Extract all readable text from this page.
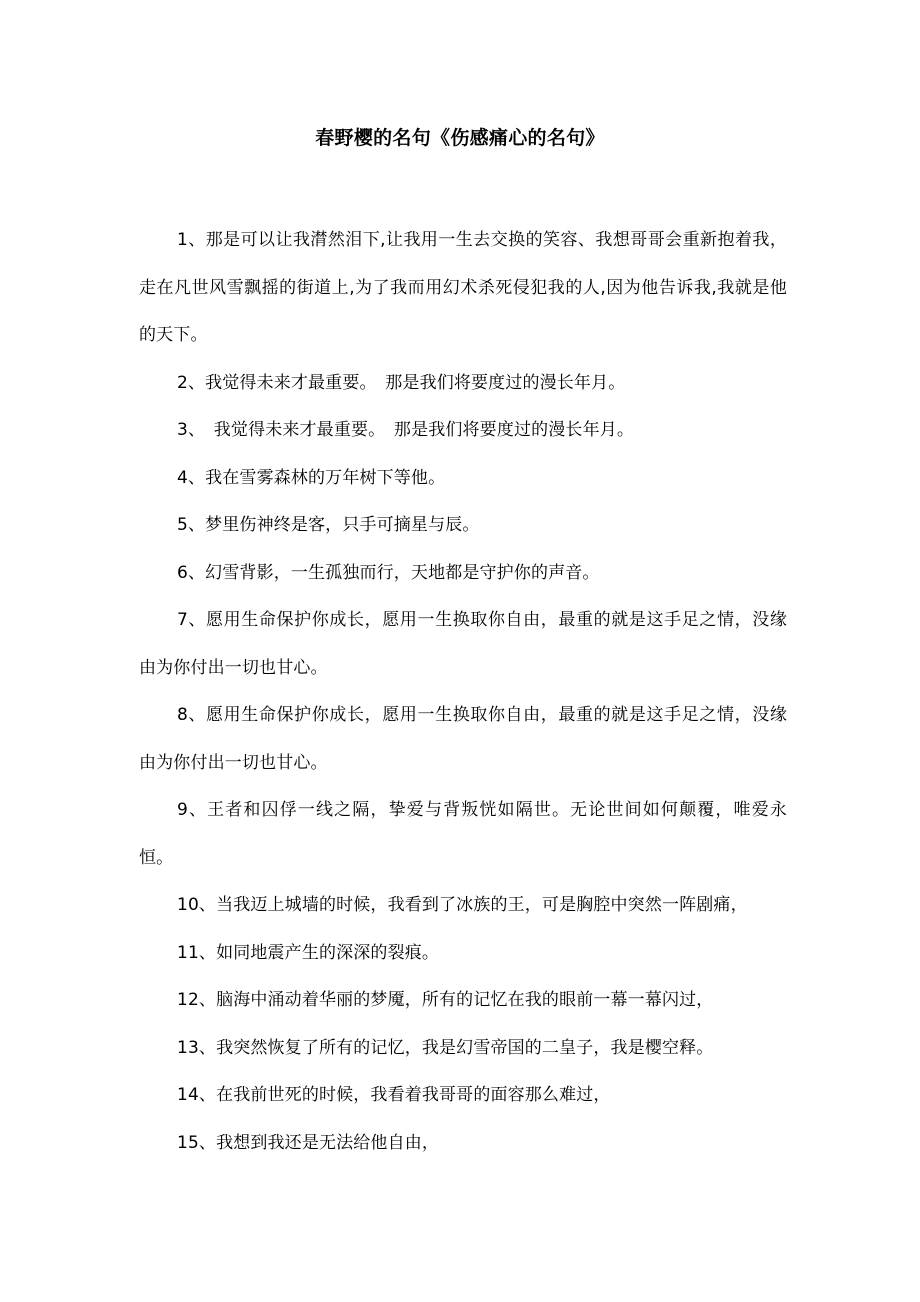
春野樱的名句《伤感痛心的名句》

1、那是可以让我潸然泪下,让我用一生去交换的笑容、我想哥哥会重新抱着我，走在凡世风雪飘摇的街道上,为了我而用幻术杀死侵犯我的人,因为他告诉我,我就是他的天下。

2、我觉得未来才最重要。　那是我们将要度过的漫长年月。

3、　我觉得未来才最重要。　那是我们将要度过的漫长年月。

4、我在雪雾森林的万年树下等他。

5、梦里伤神终是客，只手可摘星与辰。

6、幻雪背影，一生孤独而行，天地都是守护你的声音。

7、愿用生命保护你成长，愿用一生换取你自由，最重的就是这手足之情，没缘由为你付出一切也甘心。

8、愿用生命保护你成长，愿用一生换取你自由，最重的就是这手足之情，没缘由为你付出一切也甘心。

9、王者和囚俘一线之隔，挚爱与背叛恍如隔世。无论世间如何颠覆，唯爱永恒。

10、当我迈上城墙的时候，我看到了冰族的王，可是胸腔中突然一阵剧痛，

11、如同地震产生的深深的裂痕。

12、脑海中涌动着华丽的梦魇，所有的记忆在我的眼前一幕一幕闪过，

13、我突然恢复了所有的记忆，我是幻雪帝国的二皇子，我是樱空释。

14、在我前世死的时候，我看着我哥哥的面容那么难过，

15、我想到我还是无法给他自由，
